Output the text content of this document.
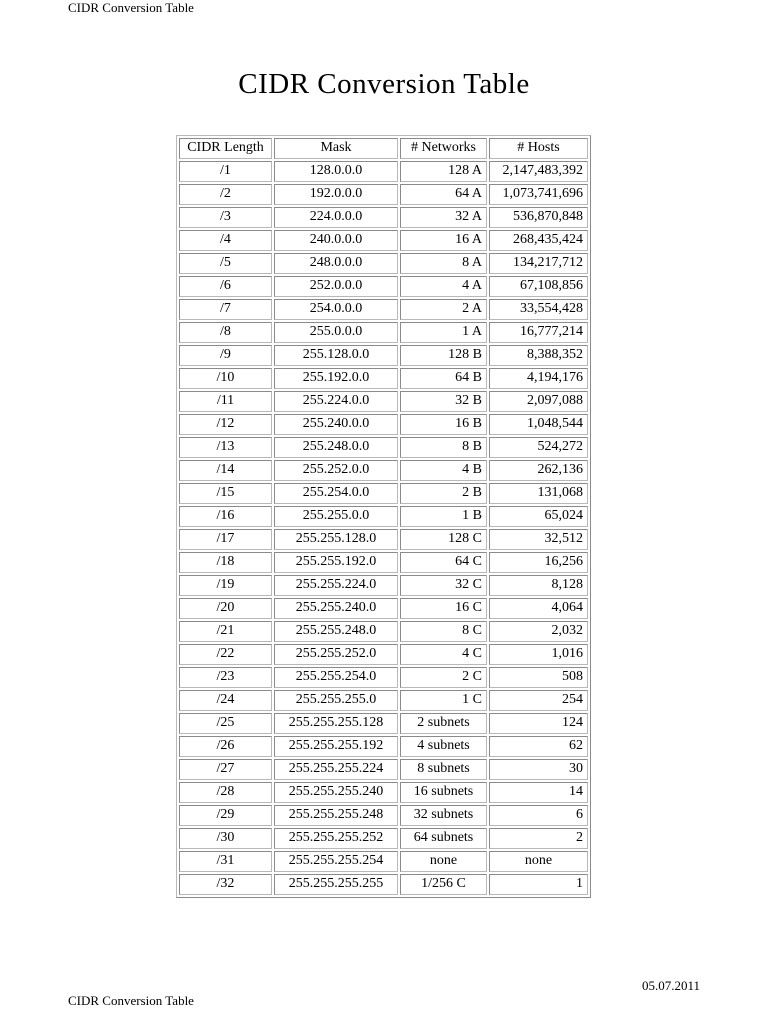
CIDR Conversion Table
CIDR Conversion Table
CIDR Length	Mask	# Networks	# Hosts
/1	128.0.0.0	128 A	2,147,483,392
/2	192.0.0.0	64 A	1,073,741,696
/3	224.0.0.0	32 A	536,870,848
/4	240.0.0.0	16 A	268,435,424
/5	248.0.0.0	8 A	134,217,712
/6	252.0.0.0	4 A	67,108,856
/7	254.0.0.0	2 A	33,554,428
/8	255.0.0.0	1 A	16,777,214
/9	255.128.0.0	128 B	8,388,352
/10	255.192.0.0	64 B	4,194,176
/11	255.224.0.0	32 B	2,097,088
/12	255.240.0.0	16 B	1,048,544
/13	255.248.0.0	8 B	524,272
/14	255.252.0.0	4 B	262,136
/15	255.254.0.0	2 B	131,068
/16	255.255.0.0	1 B	65,024
/17	255.255.128.0	128 C	32,512
/18	255.255.192.0	64 C	16,256
/19	255.255.224.0	32 C	8,128
/20	255.255.240.0	16 C	4,064
/21	255.255.248.0	8 C	2,032
/22	255.255.252.0	4 C	1,016
/23	255.255.254.0	2 C	508
/24	255.255.255.0	1 C	254
/25	255.255.255.128	2 subnets	124
/26	255.255.255.192	4 subnets	62
/27	255.255.255.224	8 subnets	30
/28	255.255.255.240	16 subnets	14
/29	255.255.255.248	32 subnets	6
/30	255.255.255.252	64 subnets	2
/31	255.255.255.254	none	none
/32	255.255.255.255	1/256 C	1
05.07.2011
CIDR Conversion Table
